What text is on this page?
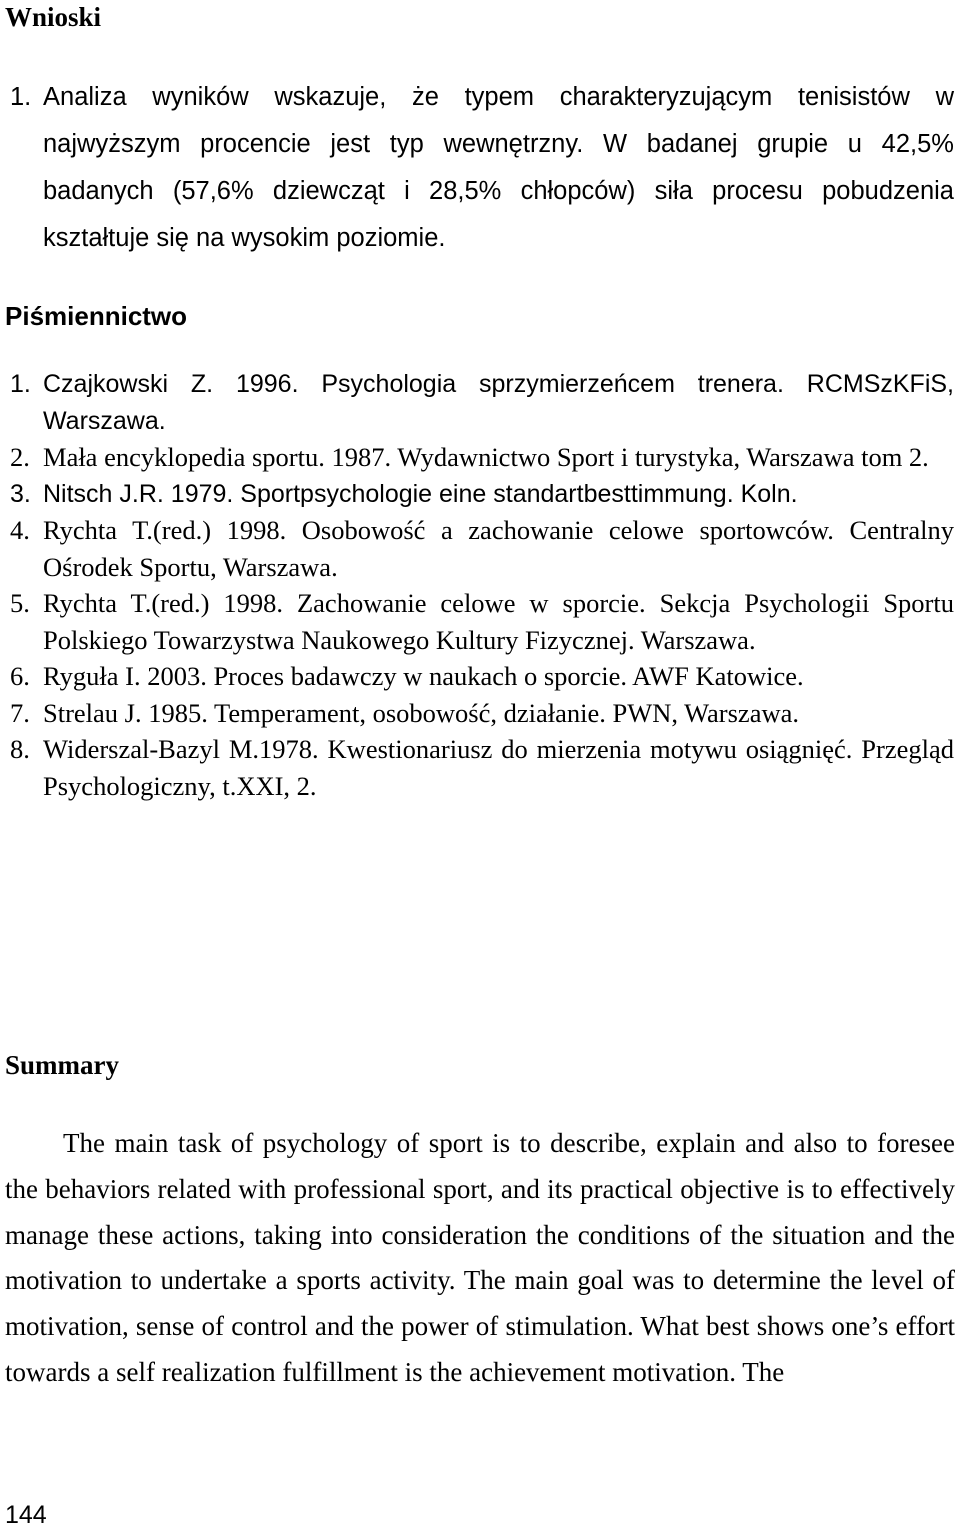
Wnioski
1. Analiza wyników wskazuje, że typem charakteryzującym tenisistów w najwyższym procencie jest typ wewnętrzny. W badanej grupie u 42,5% badanych (57,6% dziewcząt i 28,5% chłopców) siła procesu pobudzenia kształtuje się na wysokim poziomie.
Piśmiennictwo
1. Czajkowski Z. 1996. Psychologia sprzymierzeńcem trenera. RCMSzKFiS, Warszawa.
2. Mała encyklopedia sportu. 1987. Wydawnictwo Sport i turystyka, Warszawa tom 2.
3. Nitsch J.R. 1979. Sportpsychologie eine standartbesttimmung. Koln.
4. Rychta T.(red.) 1998. Osobowość a zachowanie celowe sportowców. Centralny Ośrodek Sportu, Warszawa.
5. Rychta T.(red.) 1998. Zachowanie celowe w sporcie. Sekcja Psychologii Sportu Polskiego Towarzystwa Naukowego Kultury Fizycznej. Warszawa.
6. Ryguła I. 2003. Proces badawczy w naukach o sporcie. AWF Katowice.
7. Strelau J. 1985. Temperament, osobowość, działanie. PWN, Warszawa.
8. Widerszal-Bazyl M.1978. Kwestionariusz do mierzenia motywu osiągnięć. Przegląd Psychologiczny, t.XXI, 2.
Summary

The main task of psychology of sport is to describe, explain and also to foresee the behaviors related with professional sport, and its practical objective is to effectively manage these actions, taking into consideration the conditions of the situation and the motivation to undertake a sports activity. The main goal was to determine the level of motivation, sense of control and the power of stimulation. What best shows one’s effort towards a self realization fulfillment is the achievement motivation. The

144
